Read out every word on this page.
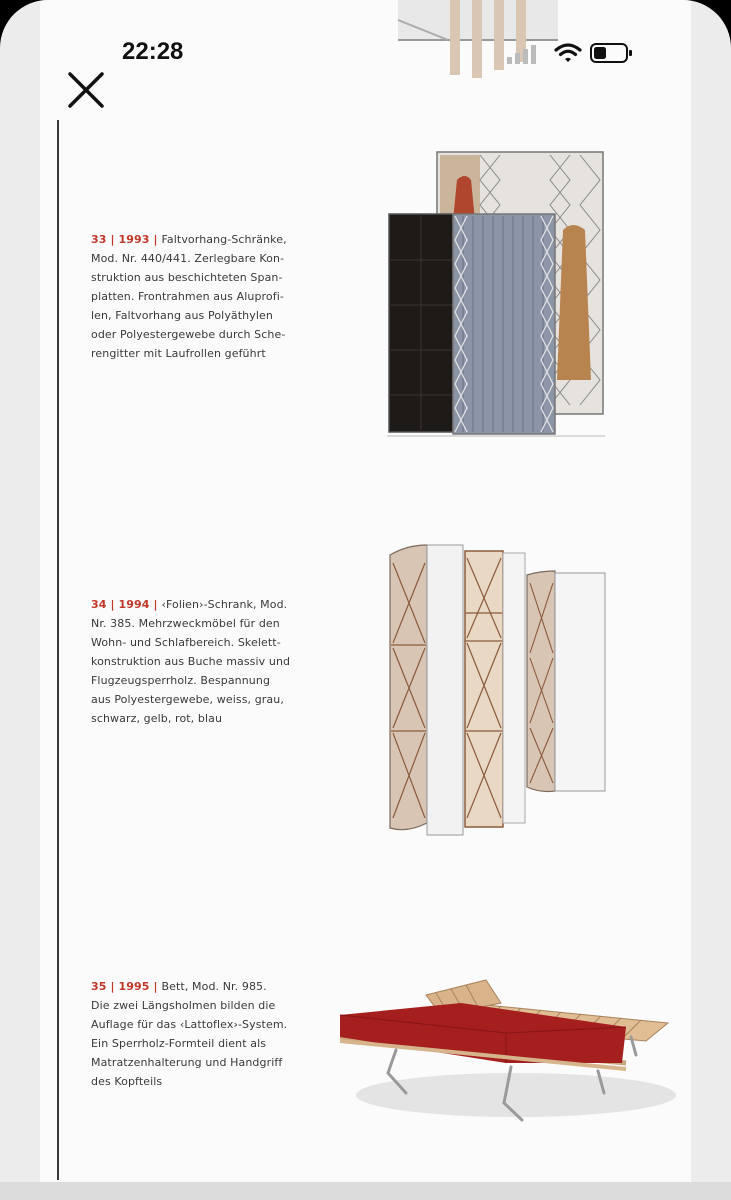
22:28
33 | 1993 | Faltvorhang-Schränke,
Mod. Nr. 440/441. Zerlegbare Kon-
struktion aus beschichteten Span-
platten. Frontrahmen aus Aluprofi-
len, Faltvorhang aus Polyäthylen
oder Polyestergewebe durch Sche-
rengitter mit Laufrollen geführt
34 | 1994 | ‹Folien›-Schrank, Mod.
Nr. 385. Mehrzweckmöbel für den
Wohn- und Schlafbereich. Skelett-
konstruktion aus Buche massiv und
Flugzeugsperrholz. Bespannung
aus Polyestergewebe, weiss, grau,
schwarz, gelb, rot, blau
35 | 1995 | Bett, Mod. Nr. 985.
Die zwei Längsholmen bilden die
Auflage für das ‹Lattoflex›-System.
Ein Sperrholz-Formteil dient als
Matratzenhalterung und Handgriff
des Kopfteils
